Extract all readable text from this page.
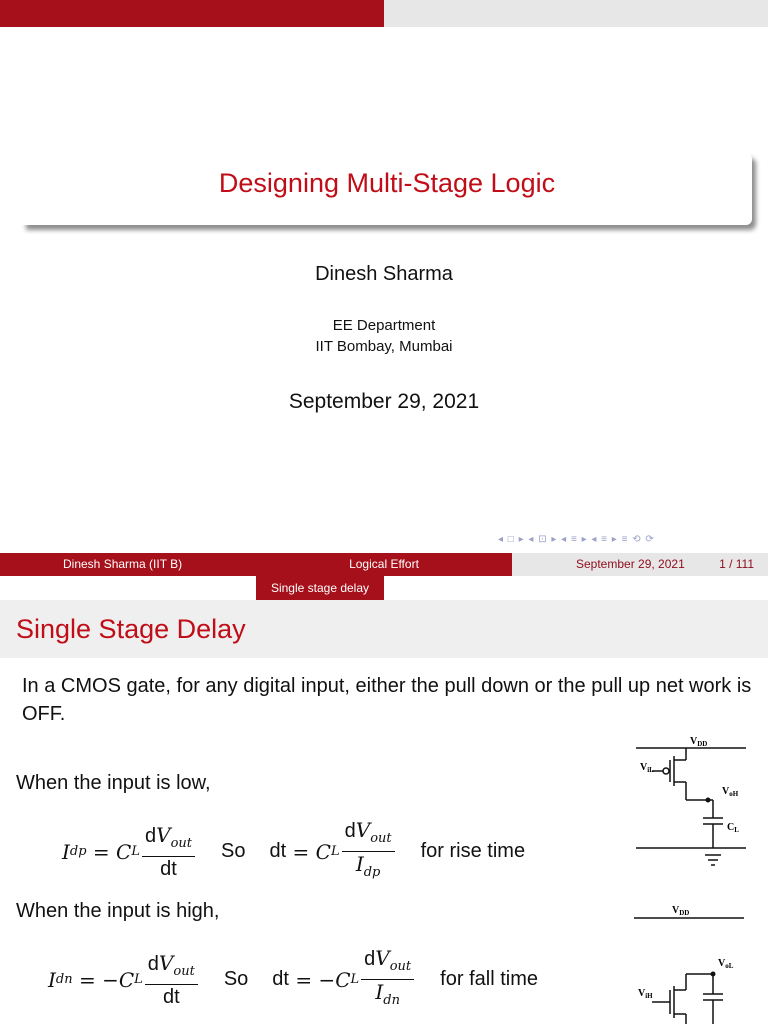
Designing Multi-Stage Logic
Dinesh Sharma
EE Department
IIT Bombay, Mumbai
September 29, 2021
◂ □ ▸ ◂ ⊡ ▸ ◂ ≡ ▸ ◂ ≡ ▸ ≡ ⟲ ⟳
Dinesh Sharma (IIT B)	Logical Effort	September 29, 2021	1 / 111
Single stage delay
Single Stage Delay
In a CMOS gate, for any digital input, either the pull down or the pull up net work is OFF.
When the input is low,
I dp = C L $\frac{dV_{out}}{dt}$ So dt = C L $\frac{dV_{out}}{I_{dp}}$ for rise time
When the input is high,
I dn = − C L $\frac{dV_{out}}{dt}$ So dt = − C L $\frac{dV_{out}}{I_{dn}}$ for fall time
$V_{DD}$
$V_{iL}$
$V_{oH}$
$C_L$
$V_{DD}$
$V_{oL}$
$V_{iH}$
